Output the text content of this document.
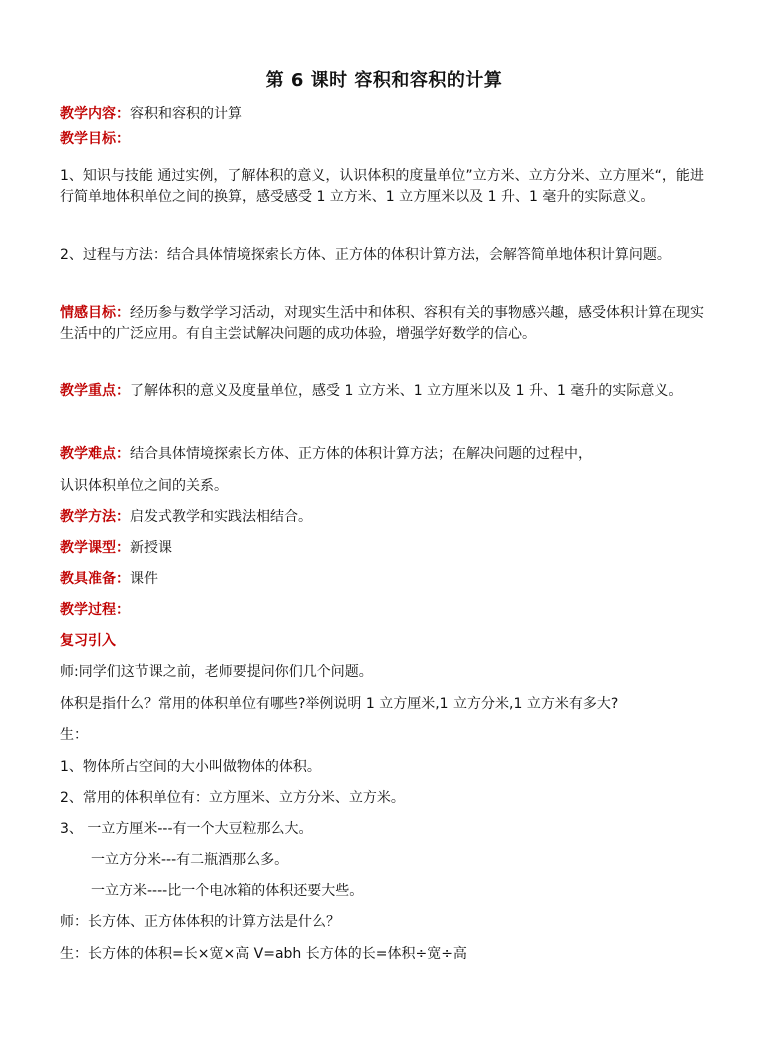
第 6 课时 容积和容积的计算
教学内容：容积和容积的计算
教学目标：
1、知识与技能 通过实例，了解体积的意义，认识体积的度量单位”立方米、立方分米、立方厘米“，能进行简单地体积单位之间的换算，感受感受 1 立方米、1 立方厘米以及 1 升、1 毫升的实际意义。
2、过程与方法：结合具体情境探索长方体、正方体的体积计算方法，会解答简单地体积计算问题。
情感目标：经历参与数学学习活动，对现实生活中和体积、容积有关的事物感兴趣，感受体积计算在现实生活中的广泛应用。有自主尝试解决问题的成功体验，增强学好数学的信心。
教学重点：了解体积的意义及度量单位，感受 1 立方米、1 立方厘米以及 1 升、1 毫升的实际意义。
教学难点：结合具体情境探索长方体、正方体的体积计算方法；在解决问题的过程中，
认识体积单位之间的关系。
教学方法：启发式教学和实践法相结合。
教学课型：新授课
教具准备：课件
教学过程：
复习引入
师:同学们这节课之前，老师要提问你们几个问题。
体积是指什么？常用的体积单位有哪些?举例说明 1 立方厘米,1 立方分米,1 立方米有多大?
生：
1、物体所占空间的大小叫做物体的体积。
2、常用的体积单位有：立方厘米、立方分米、立方米。
3、 一立方厘米---有一个大豆粒那么大。
一立方分米---有二瓶酒那么多。
一立方米----比一个电冰箱的体积还要大些。
师：长方体、正方体体积的计算方法是什么？
生：长方体的体积=长×宽×高 V=abh 长方体的长=体积÷宽÷高
